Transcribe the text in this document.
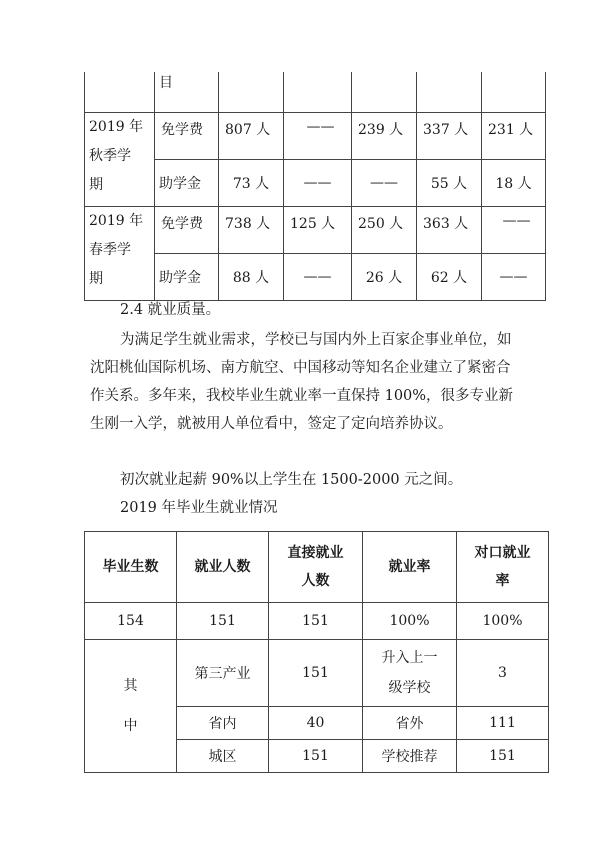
	目					

2019 年
秋季学
期	免学费	807 人	——	239 人	337 人	231 人
	助学金	73 人	——	——	55 人	18 人

2019 年
春季学
期	免学费	738 人	125 人	250 人	363 人	——
	助学金	88 人	——	26 人	62 人	——

2.4 就业质量。

为满足学生就业需求，学校已与国内外上百家企事业单位，如沈阳桃仙国际机场、南方航空、中国移动等知名企业建立了紧密合作关系。多年来，我校毕业生就业率一直保持 100%，很多专业新生刚一入学，就被用人单位看中，签定了定向培养协议。

初次就业起薪 90%以上学生在 1500-2000 元之间。

2019 年毕业生就业情况

毕业生数	就业人数	直接就业人数	就业率	对口就业率
154	151	151	100%	100%
其中	第三产业	151	升入上一级学校	3
	省内	40	省外	111
	城区	151	学校推荐	151
